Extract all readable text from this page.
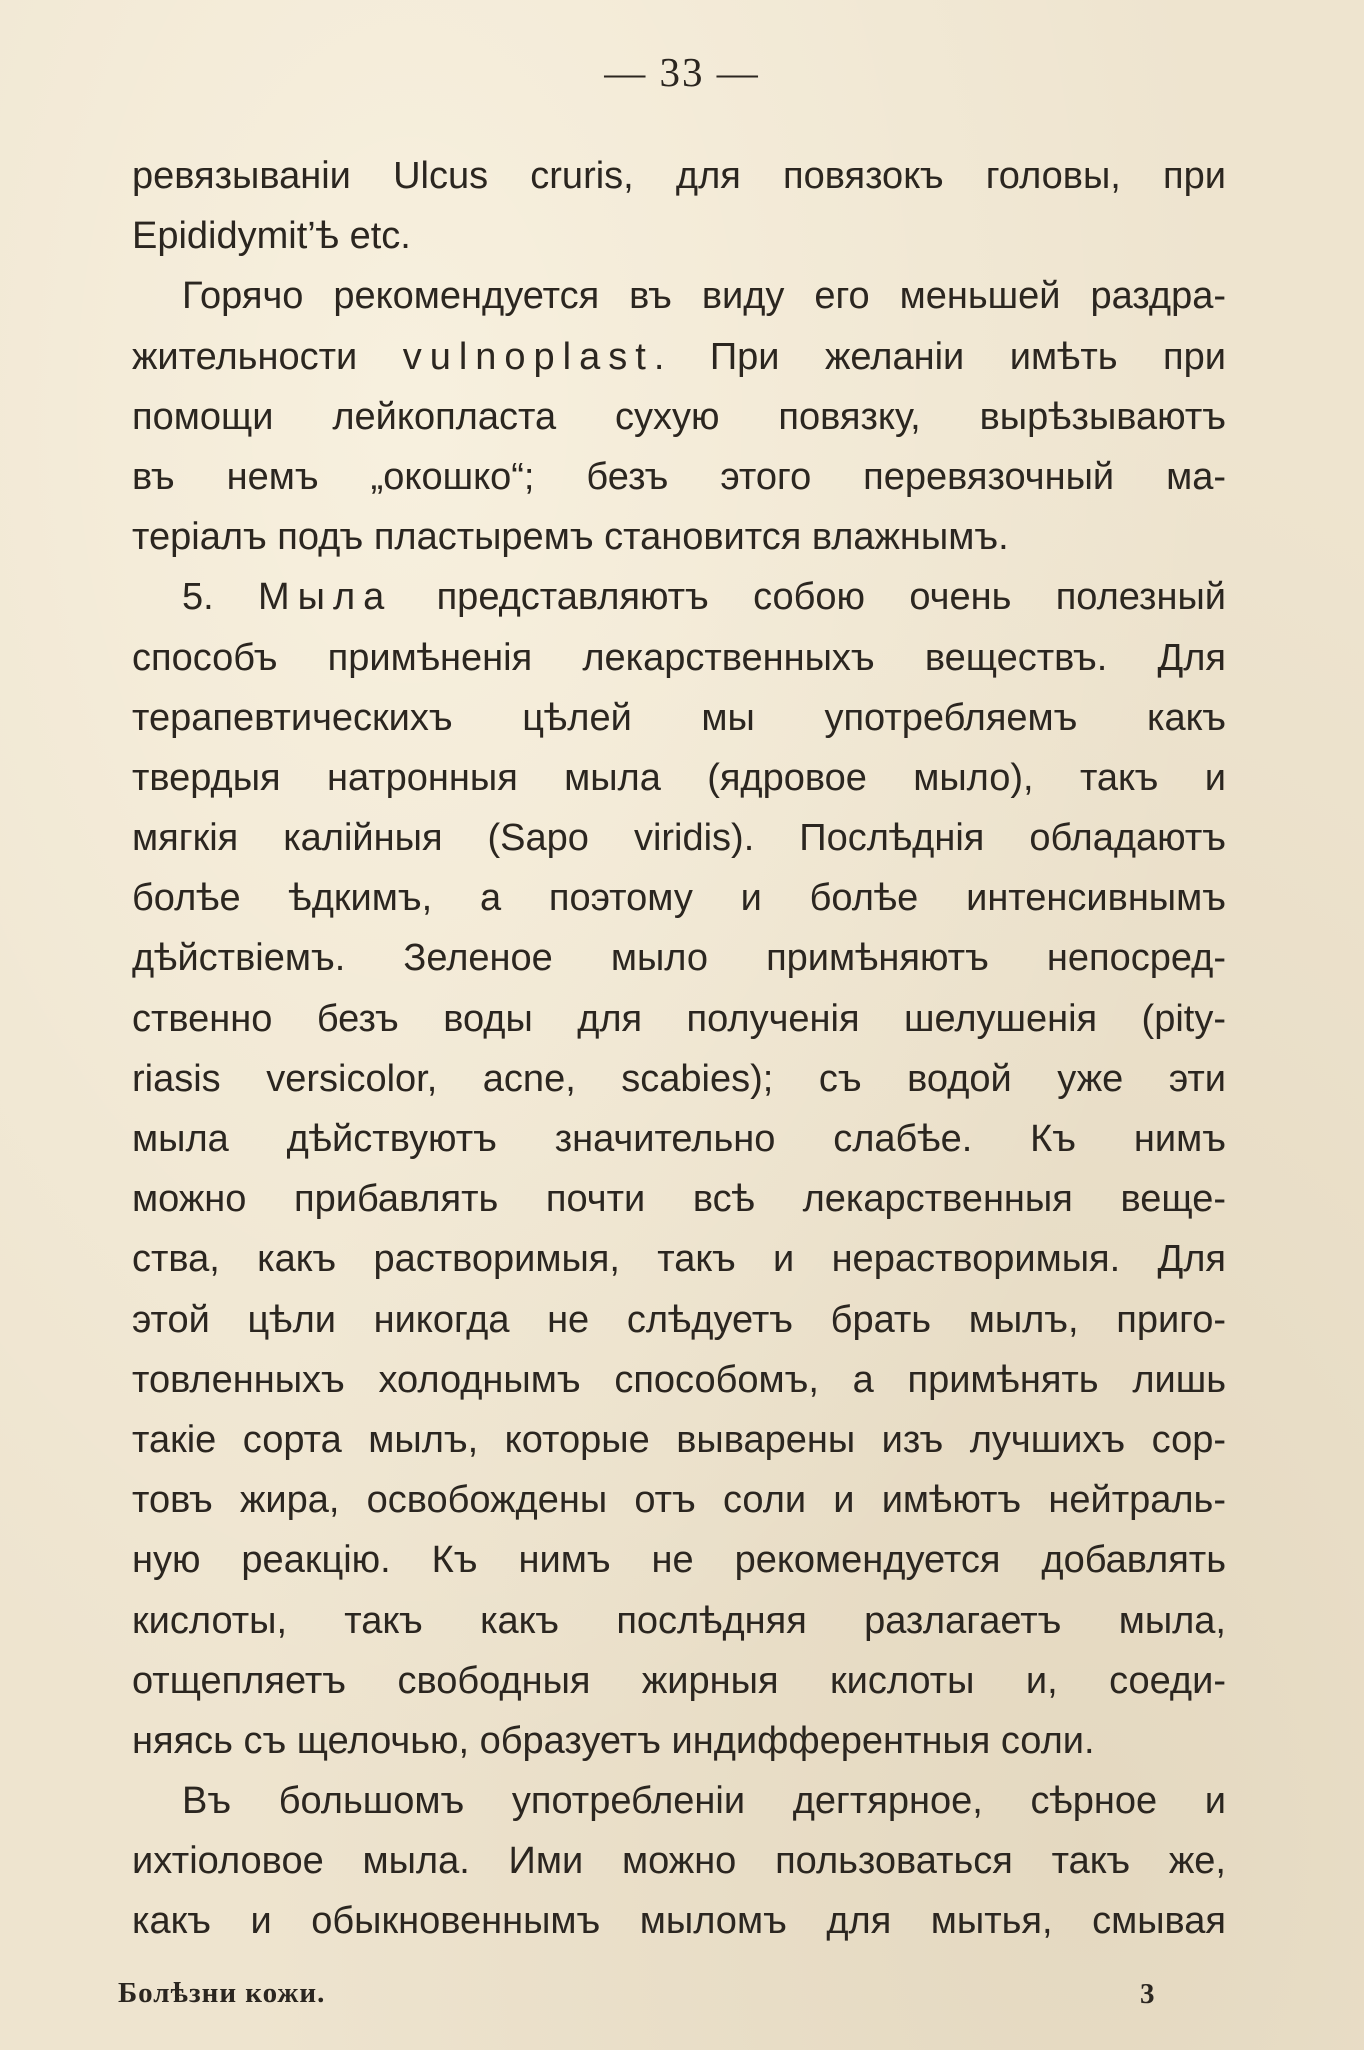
— 33 —
ревязываніи Ulcus cruris, для повязокъ головы, при
Epididymit’ѣ etc.
Горячо рекомендуется въ виду его меньшей раздра-
жительности vulnoplast. При желаніи имѣть при
помощи лейкопласта сухую повязку, вырѣзываютъ
въ немъ „окошко“; безъ этого перевязочный ма-
теріалъ подъ пластыремъ становится влажнымъ.
5. Мыла представляютъ собою очень полезный
способъ примѣненія лекарственныхъ веществъ. Для
терапевтическихъ цѣлей мы употребляемъ какъ
твердыя натронныя мыла (ядровое мыло), такъ и
мягкія калійныя (Sapo viridis). Послѣднія обладаютъ
болѣе ѣдкимъ, а поэтому и болѣе интенсивнымъ
дѣйствіемъ. Зеленое мыло примѣняютъ непосред-
ственно безъ воды для полученія шелушенія (pity-
riasis versicolor, acne, scabies); съ водой уже эти
мыла дѣйствуютъ значительно слабѣе. Къ нимъ
можно прибавлять почти всѣ лекарственныя веще-
ства, какъ растворимыя, такъ и нерастворимыя. Для
этой цѣли никогда не слѣдуетъ брать мылъ, приго-
товленныхъ холоднымъ способомъ, а примѣнять лишь
такіе сорта мылъ, которые выварены изъ лучшихъ сор-
товъ жира, освобождены отъ соли и имѣютъ нейтраль-
ную реакцію. Къ нимъ не рекомендуется добавлять
кислоты, такъ какъ послѣдняя разлагаетъ мыла,
отщепляетъ свободныя жирныя кислоты и, соеди-
няясь съ щелочью, образуетъ индифферентныя соли.
Въ большомъ употребленіи дегтярное, сѣрное и
ихтіоловое мыла. Ими можно пользоваться такъ же,
какъ и обыкновеннымъ мыломъ для мытья, смывая
Болѣзни кожи.	3
